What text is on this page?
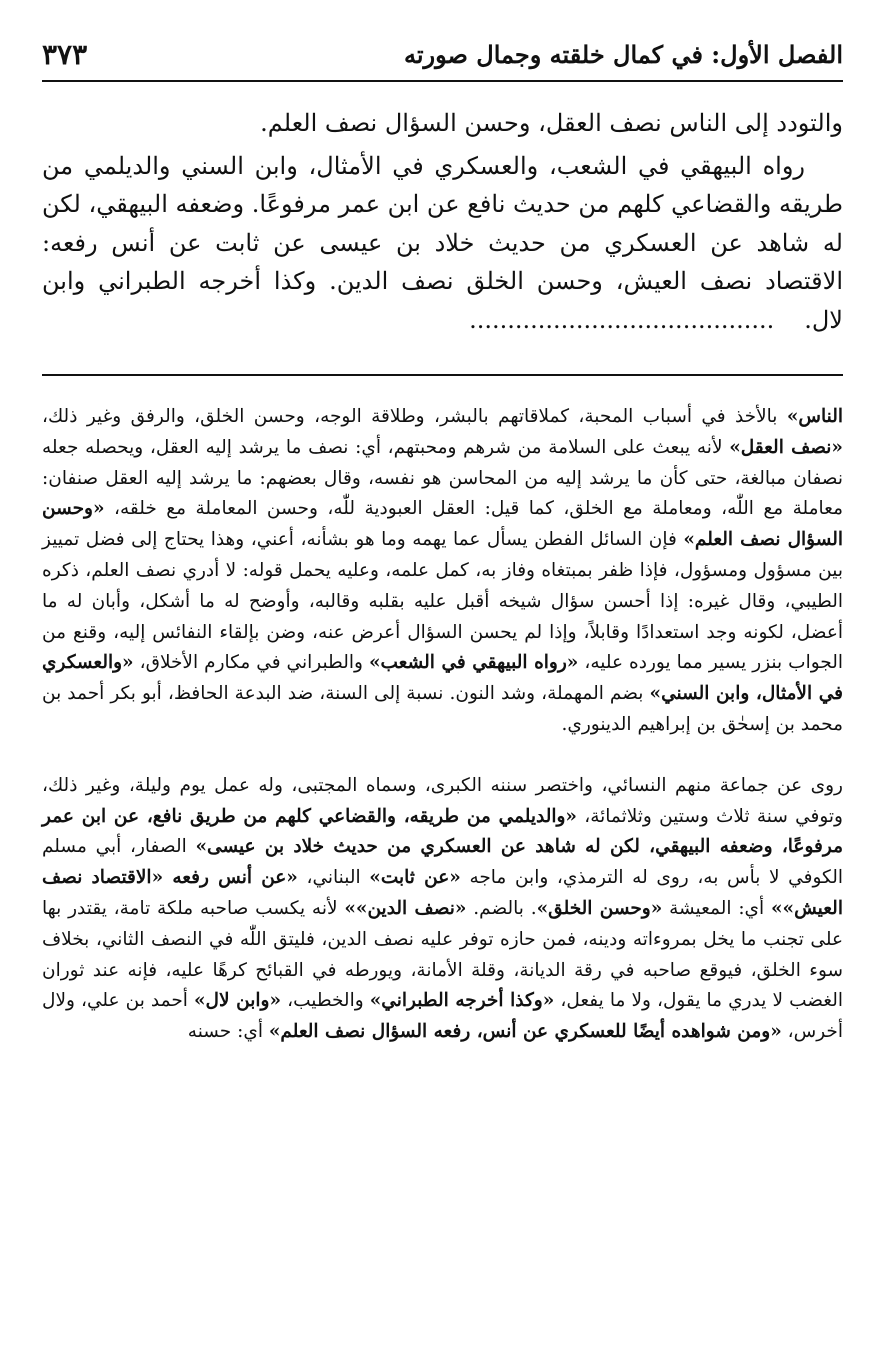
الفصل الأول: في كمال خلقته وجمال صورته
٣٧٣

والتودد إلى الناس نصف العقل، وحسن السؤال نصف العلم.

رواه البيهقي في الشعب، والعسكري في الأمثال، وابن السني والديلمي من طريقه والقضاعي كلهم من حديث نافع عن ابن عمر مرفوعًا. وضعفه البيهقي، لكن له شاهد عن العسكري من حديث خلاد بن عيسى عن ثابت عن أنس رفعه: الاقتصاد نصف العيش، وحسن الخلق نصف الدين. وكذا أخرجه الطبراني وابن لال.........................................

الناس» بالأخذ في أسباب المحبة، كملاقاتهم بالبشر، وطلاقة الوجه، وحسن الخلق، والرفق وغير ذلك، «نصف العقل» لأنه يبعث على السلامة من شرهم ومحبتهم، أي: نصف ما يرشد إليه العقل، ويحصله جعله نصفان مبالغة، حتى كأن ما يرشد إليه من المحاسن هو نفسه، وقال بعضهم: ما يرشد إليه العقل صنفان: معاملة مع اللّٰه، ومعاملة مع الخلق، كما قيل: العقل العبودية للّٰه، وحسن المعاملة مع خلقه، «وحسن السؤال نصف العلم» فإن السائل الفطن يسأل عما يهمه وما هو بشأنه، أعني، وهذا يحتاج إلى فضل تمييز بين مسؤول ومسؤول، فإذا ظفر بمبتغاه وفاز به، كمل علمه، وعليه يحمل قوله: لا أدري نصف العلم، ذكره الطيبي، وقال غيره: إذا أحسن سؤال شيخه أقبل عليه بقلبه وقالبه، وأوضح له ما أشكل، وأبان له ما أعضل، لكونه وجد استعدادًا وقابلاً، وإذا لم يحسن السؤال أعرض عنه، وضن بإلقاء النفائس إليه، وقنع من الجواب بنزر يسير مما يورده عليه، «رواه البيهقي في الشعب» والطبراني في مكارم الأخلاق، «والعسكري في الأمثال، وابن السني» بضم المهملة، وشد النون. نسبة إلى السنة، ضد البدعة الحافظ، أبو بكر أحمد بن محمد بن إسحٰق بن إبراهيم الدينوري.

روى عن جماعة منهم النسائي، واختصر سننه الكبرى، وسماه المجتبى، وله عمل يوم وليلة، وغير ذلك، وتوفي سنة ثلاث وستين وثلاثمائة، «والديلمي من طريقه، والقضاعي كلهم من طريق نافع، عن ابن عمر مرفوعًا، وضعفه البيهقي، لكن له شاهد عن العسكري من حديث خلاد بن عيسى» الصفار، أبي مسلم الكوفي لا بأس به، روى له الترمذي، وابن ماجه «عن ثابت» البناني، «عن أنس رفعه «الاقتصاد نصف العيش»» أي: المعيشة «وحسن الخلق». بالضم. «نصف الدين»» لأنه يكسب صاحبه ملكة تامة، يقتدر بها على تجنب ما يخل بمروءاته ودينه، فمن حازه توفر عليه نصف الدين، فليتق اللّٰه في النصف الثاني، بخلاف سوء الخلق، فيوقع صاحبه في رقة الديانة، وقلة الأمانة، ويورطه في القبائح كرهًا عليه، فإنه عند ثوران الغضب لا يدري ما يقول، ولا ما يفعل، «وكذا أخرجه الطبراني» والخطيب، «وابن لال» أحمد بن علي، ولال أخرس، «ومن شواهده أيضًا للعسكري عن أنس، رفعه السؤال نصف العلم» أي: حسنه
